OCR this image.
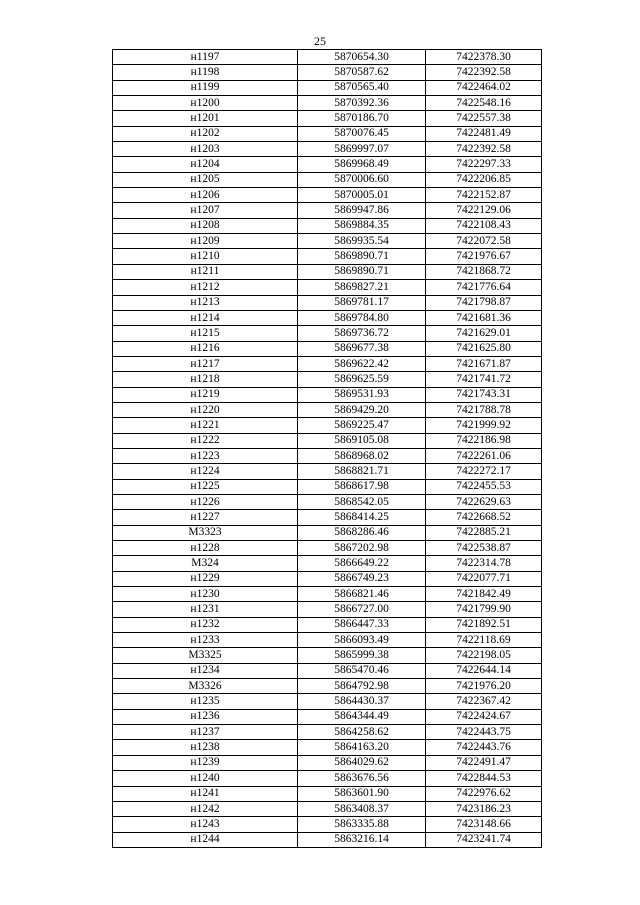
25
н1197	5870654.30	7422378.30
н1198	5870587.62	7422392.58
н1199	5870565.40	7422464.02
н1200	5870392.36	7422548.16
н1201	5870186.70	7422557.38
н1202	5870076.45	7422481.49
н1203	5869997.07	7422392.58
н1204	5869968.49	7422297.33
н1205	5870006.60	7422206.85
н1206	5870005.01	7422152.87
н1207	5869947.86	7422129.06
н1208	5869884.35	7422108.43
н1209	5869935.54	7422072.58
н1210	5869890.71	7421976.67
н1211	5869890.71	7421868.72
н1212	5869827.21	7421776.64
н1213	5869781.17	7421798.87
н1214	5869784.80	7421681.36
н1215	5869736.72	7421629.01
н1216	5869677.38	7421625.80
н1217	5869622.42	7421671.87
н1218	5869625.59	7421741.72
н1219	5869531.93	7421743.31
н1220	5869429.20	7421788.78
н1221	5869225.47	7421999.92
н1222	5869105.08	7422186.98
н1223	5868968.02	7422261.06
н1224	5868821.71	7422272.17
н1225	5868617.98	7422455.53
н1226	5868542.05	7422629.63
н1227	5868414.25	7422668.52
М3323	5868286.46	7422885.21
н1228	5867202.98	7422538.87
М324	5866649.22	7422314.78
н1229	5866749.23	7422077.71
н1230	5866821.46	7421842.49
н1231	5866727.00	7421799.90
н1232	5866447.33	7421892.51
н1233	5866093.49	7422118.69
М3325	5865999.38	7422198.05
н1234	5865470.46	7422644.14
М3326	5864792.98	7421976.20
н1235	5864430.37	7422367.42
н1236	5864344.49	7422424.67
н1237	5864258.62	7422443.75
н1238	5864163.20	7422443.76
н1239	5864029.62	7422491.47
н1240	5863676.56	7422844.53
н1241	5863601.90	7422976.62
н1242	5863408.37	7423186.23
н1243	5863335.88	7423148.66
н1244	5863216.14	7423241.74
